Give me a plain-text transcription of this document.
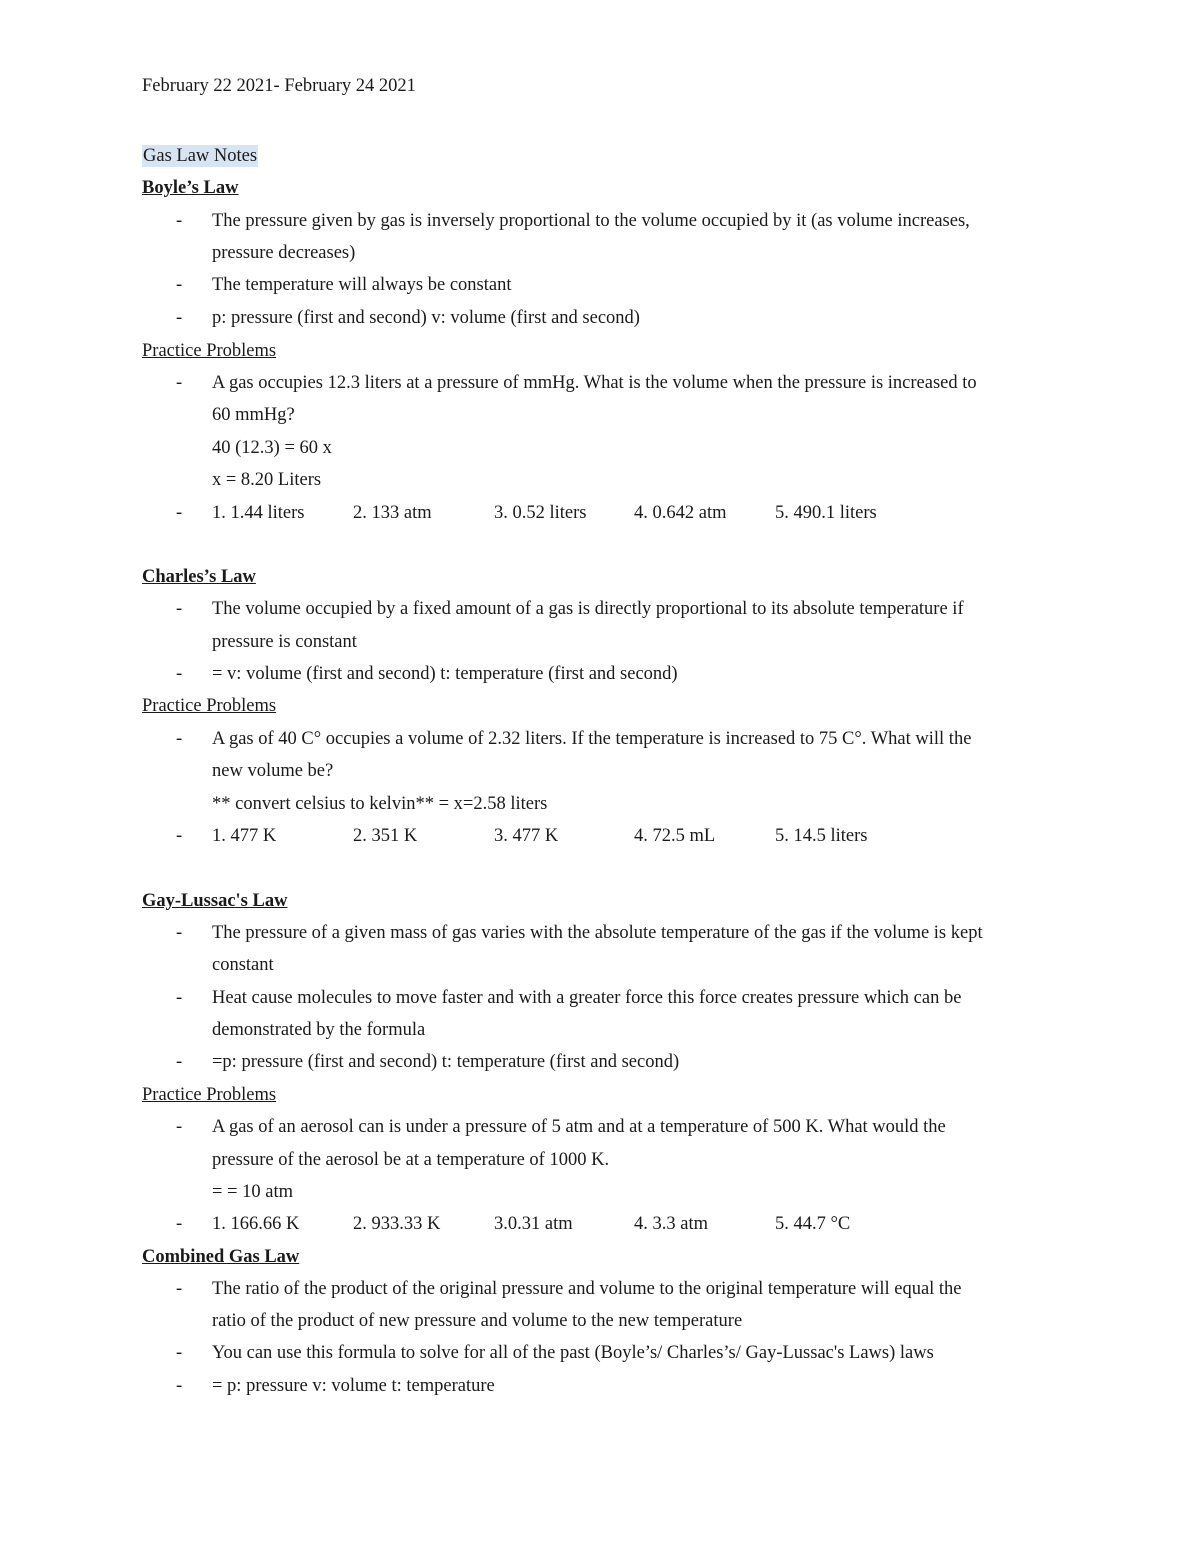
February 22 2021- February 24 2021
Gas Law Notes
Boyle’s Law
- The pressure given by gas is inversely proportional to the volume occupied by it (as volume increases,
pressure decreases)
- The temperature will always be constant
- p: pressure (first and second) v: volume (first and second)
Practice Problems
- A gas occupies 12.3 liters at a pressure of mmHg. What is the volume when the pressure is increased to
60 mmHg?
40 (12.3) = 60 x
x = 8.20 Liters
- 1. 1.44 liters	2. 133 atm	3. 0.52 liters	4. 0.642 atm	5. 490.1 liters
Charles’s Law
- The volume occupied by a fixed amount of a gas is directly proportional to its absolute temperature if
pressure is constant
- = v: volume (first and second) t: temperature (first and second)
Practice Problems
- A gas of 40 C° occupies a volume of 2.32 liters. If the temperature is increased to 75 C°. What will the
new volume be?
** convert celsius to kelvin** = x=2.58 liters
- 1. 477 K	2. 351 K	3. 477 K	4. 72.5 mL	5. 14.5 liters
Gay-Lussac's Law
- The pressure of a given mass of gas varies with the absolute temperature of the gas if the volume is kept
constant
- Heat cause molecules to move faster and with a greater force this force creates pressure which can be
demonstrated by the formula
- =p: pressure (first and second) t: temperature (first and second)
Practice Problems
- A gas of an aerosol can is under a pressure of 5 atm and at a temperature of 500 K. What would the
pressure of the aerosol be at a temperature of 1000 K.
= = 10 atm
- 1. 166.66 K	2. 933.33 K	3.0.31 atm	4. 3.3 atm	5. 44.7 °C
Combined Gas Law
- The ratio of the product of the original pressure and volume to the original temperature will equal the
ratio of the product of new pressure and volume to the new temperature
- You can use this formula to solve for all of the past (Boyle’s/ Charles’s/ Gay-Lussac's Laws) laws
- = p: pressure v: volume t: temperature
